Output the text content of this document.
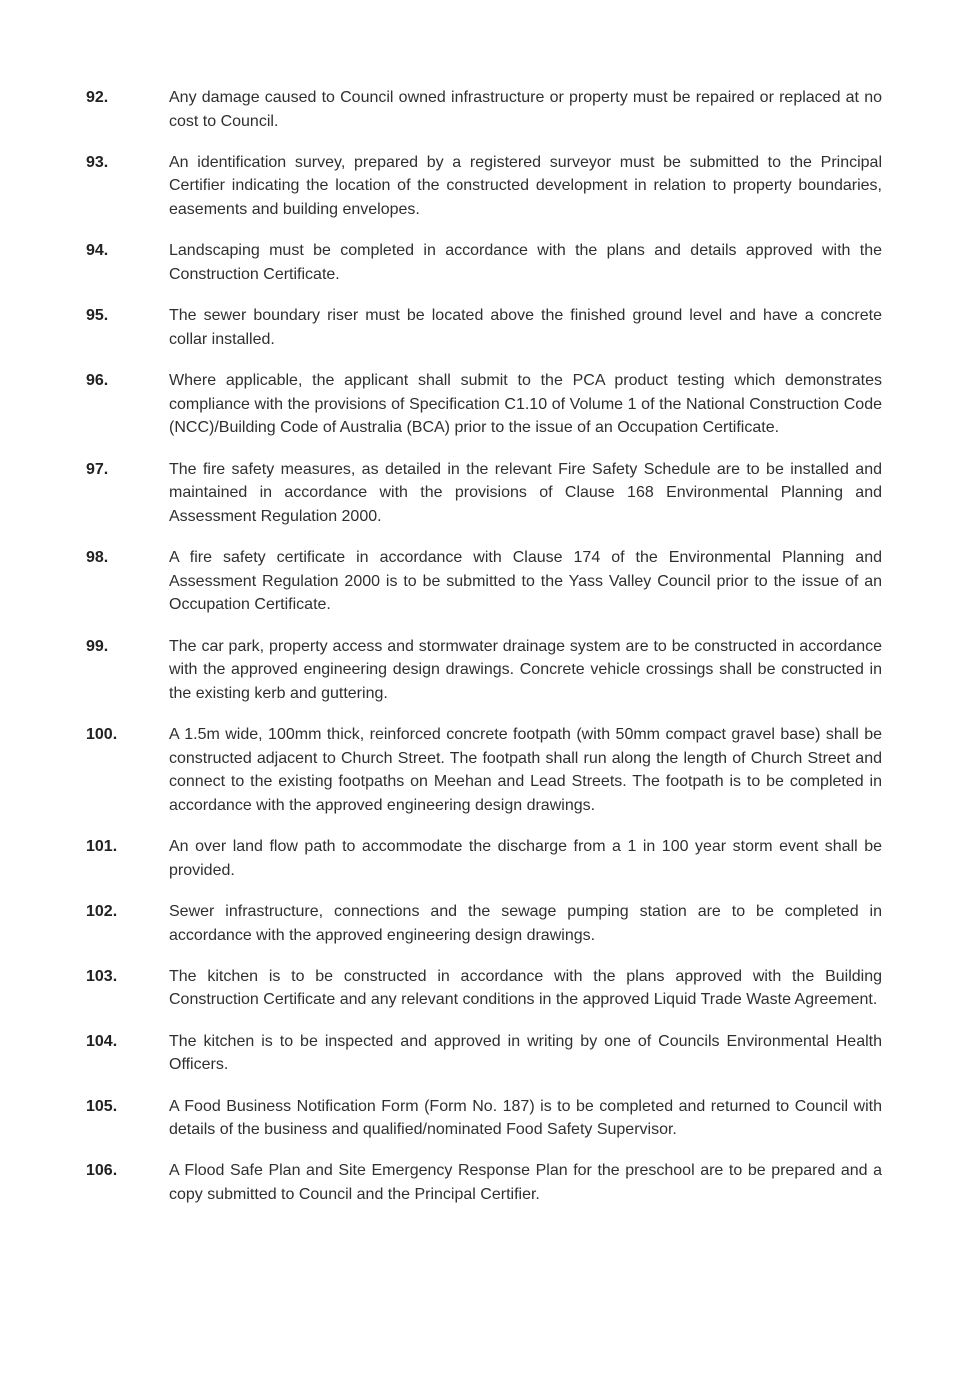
92.	Any damage caused to Council owned infrastructure or property must be repaired or replaced at no cost to Council.
93.	An identification survey, prepared by a registered surveyor must be submitted to the Principal Certifier indicating the location of the constructed development in relation to property boundaries, easements and building envelopes.
94.	Landscaping must be completed in accordance with the plans and details approved with the Construction Certificate.
95.	The sewer boundary riser must be located above the finished ground level and have a concrete collar installed.
96.	Where applicable, the applicant shall submit to the PCA product testing which demonstrates compliance with the provisions of Specification C1.10 of Volume 1 of the National Construction Code (NCC)/Building Code of Australia (BCA) prior to the issue of an Occupation Certificate.
97.	The fire safety measures, as detailed in the relevant Fire Safety Schedule are to be installed and maintained in accordance with the provisions of Clause 168 Environmental Planning and Assessment Regulation 2000.
98.	A fire safety certificate in accordance with Clause 174 of the Environmental Planning and Assessment Regulation 2000 is to be submitted to the Yass Valley Council prior to the issue of an Occupation Certificate.
99.	The car park, property access and stormwater drainage system are to be constructed in accordance with the approved engineering design drawings. Concrete vehicle crossings shall be constructed in the existing kerb and guttering.
100.	A 1.5m wide, 100mm thick, reinforced concrete footpath (with 50mm compact gravel base) shall be constructed adjacent to Church Street. The footpath shall run along the length of Church Street and connect to the existing footpaths on Meehan and Lead Streets. The footpath is to be completed in accordance with the approved engineering design drawings.
101.	An over land flow path to accommodate the discharge from a 1 in 100 year storm event shall be provided.
102.	Sewer infrastructure, connections and the sewage pumping station are to be completed in accordance with the approved engineering design drawings.
103.	The kitchen is to be constructed in accordance with the plans approved with the Building Construction Certificate and any relevant conditions in the approved Liquid Trade Waste Agreement.
104.	The kitchen is to be inspected and approved in writing by one of Councils Environmental Health Officers.
105.	A Food Business Notification Form (Form No. 187) is to be completed and returned to Council with details of the business and qualified/nominated Food Safety Supervisor.
106.	A Flood Safe Plan and Site Emergency Response Plan for the preschool are to be prepared and a copy submitted to Council and the Principal Certifier.
